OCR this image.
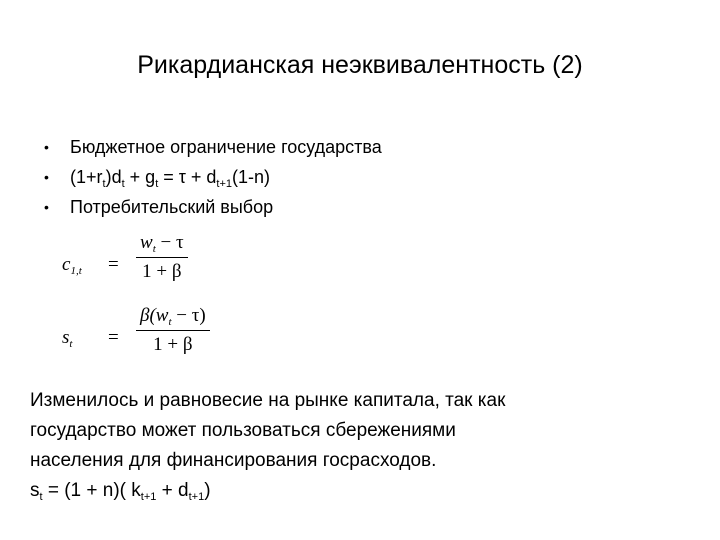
Рикардианская неэквивалентность (2)
• Бюджетное ограничение государства
• $(1+r_t)d_t + g_t = \tau + d_{t+1}(1-n)$
• Потребительский выбор
$c_{1,t} = \frac{w_t - \tau}{1 + \beta}$
$s_t = \frac{\beta(w_t - \tau)}{1 + \beta}$
Изменилось и равновесие на рынке капитала, так как
государство может пользоваться сбережениями
населения для финансирования госрасходов.
$s_t = (1 + n)$( $k_{t+1} + d_{t+1}$)
